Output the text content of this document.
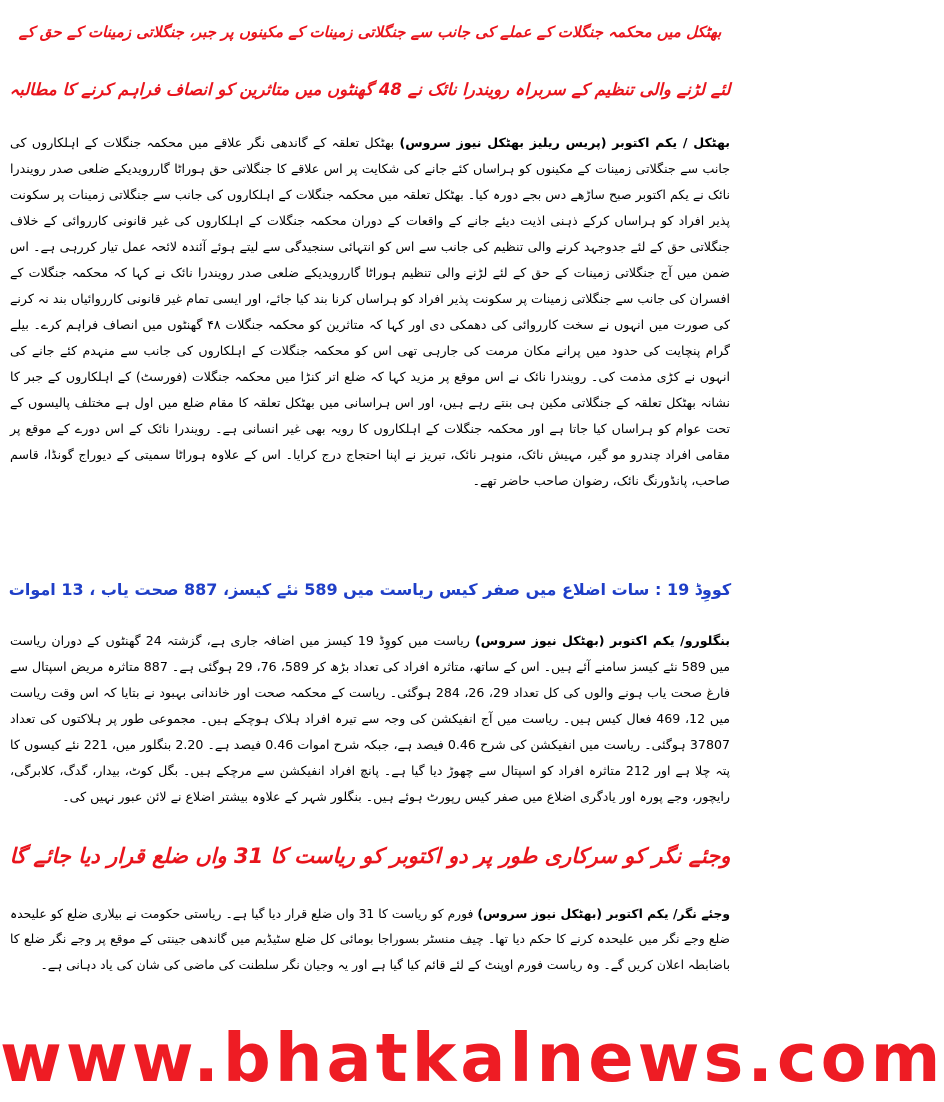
بھٹکل میں محکمہ جنگلات کے عملے کی جانب سے جنگلاتی زمینات کے مکینوں پر جبر، جنگلاتی زمینات کے حق کے
لئے لڑنے والی تنظیم کے سربراہ رویندرا نائک نے 48 گھنٹوں میں متاثرین کو انصاف فراہم کرنے کا مطالبہ
بھٹکل / یکم اکتوبر (پریس ریلیز بھٹکل نیوز سروس) بھٹکل تعلقہ کے گاندھی نگر علاقے میں محکمہ جنگلات کے اہلکاروں کی جانب سے جنگلاتی زمینات کے مکینوں کو ہراساں کئے جانے کی شکایت پر اس علاقے کا جنگلاتی حق ہوراٹا گاررویدیکے ضلعی صدر رویندرا نائک نے یکم اکتوبر صبح ساڑھے دس بجے دورہ کیا۔ بھٹکل تعلقہ میں محکمہ جنگلات کے اہلکاروں کی جانب سے جنگلاتی زمینات پر سکونت پذیر افراد کو ہراساں کرکے ذہنی اذیت دیئے جانے کے واقعات کے دوران محکمہ جنگلات کے اہلکاروں کی غیر قانونی کارروائی کے خلاف جنگلاتی حق کے لئے جدوجہد کرنے والی تنظیم کی جانب سے اس کو انتہائی سنجیدگی سے لیتے ہوئے آئندہ لائحہ عمل تیار کررہی ہے۔ اس ضمن میں آج جنگلاتی زمینات کے حق کے لئے لڑنے والی تنظیم ہوراٹا گاررویدیکے ضلعی صدر رویندرا نائک نے کہا کہ محکمہ جنگلات کے افسران کی جانب سے جنگلاتی زمینات پر سکونت پذیر افراد کو ہراساں کرنا بند کیا جائے، اور ایسی تمام غیر قانونی کارروائیاں بند نہ کرنے کی صورت میں انہوں نے سخت کارروائی کی دھمکی دی اور کہا کہ متاثرین کو محکمہ جنگلات ۴۸ گھنٹوں میں انصاف فراہم کرے۔ بیلے گرام پنچایت کی حدود میں پرانے مکان مرمت کی جارہی تھی اس کو محکمہ جنگلات کے اہلکاروں کی جانب سے منہدم کئے جانے کی انہوں نے کڑی مذمت کی۔ رویندرا نائک نے اس موقع پر مزید کہا کہ ضلع اتر کنڑا میں محکمہ جنگلات (فورسٹ) کے اہلکاروں کے جبر کا نشانہ بھٹکل تعلقہ کے جنگلاتی مکین ہی بنتے رہے ہیں، اور اس ہراسانی میں بھٹکل تعلقہ کا مقام ضلع میں اول ہے مختلف پالیسوں کے تحت عوام کو ہراساں کیا جاتا ہے اور محکمہ جنگلات کے اہلکاروں کا رویہ بھی غیر انسانی ہے۔ رویندرا نائک کے اس دورے کے موقع پر مقامی افراد چندرو مو گیر، مہیش نائک، منوہر نائک، تبریز نے اپنا احتجاج درج کرایا۔ اس کے علاوہ ہوراٹا سمیتی کے دیوراج گونڈا، قاسم صاحب، پانڈورنگ نائک، رضوان صاحب حاضر تھے۔
کووِڈ 19 : سات اضلاع میں صفر کیس ریاست میں 589 نئے کیسز، 887 صحت یاب ، 13 اموات
بنگلورو/ یکم اکتوبر (بھٹکل نیوز سروس) ریاست میں کووِڈ 19 کیسز میں اضافہ جاری ہے، گزشتہ 24 گھنٹوں کے دوران ریاست میں 589 نئے کیسز سامنے آئے ہیں۔ اس کے ساتھ، متاثرہ افراد کی تعداد بڑھ کر 589، 76، 29 ہوگئی ہے۔ 887 متاثرہ مریض اسپتال سے فارغ صحت یاب ہونے والوں کی کل تعداد 29، 26، 284 ہوگئی۔ ریاست کے محکمہ صحت اور خاندانی بہبود نے بتایا کہ اس وقت ریاست میں 12، 469 فعال کیس ہیں۔ ریاست میں آج انفیکشن کی وجہ سے تیرہ افراد ہلاک ہوچکے ہیں۔ مجموعی طور پر ہلاکتوں کی تعداد 37807 ہوگئی۔ ریاست میں انفیکشن کی شرح 0.46 فیصد ہے، جبکہ شرح اموات 0.46 فیصد ہے۔ 2.20 بنگلور میں، 221 نئے کیسوں کا پتہ چلا ہے اور 212 متاثرہ افراد کو اسپتال سے چھوڑ دیا گیا ہے۔ پانچ افراد انفیکشن سے مرچکے ہیں۔ بگل کوٹ، بیدار، گدگ، کلابرگی، رایچور، وجے پورہ اور یادگری اضلاع میں صفر کیس رپورٹ ہوئے ہیں۔ بنگلور شہر کے علاوہ بیشتر اضلاع نے لائن عبور نہیں کی۔
وجئے نگر کو سرکاری طور پر دو اکتوبر کو ریاست کا 31 واں ضلع قرار دیا جائے گا
وجئے نگر/ یکم اکتوبر (بھٹکل نیوز سروس) فورم کو ریاست کا 31 واں ضلع قرار دیا گیا ہے۔ ریاستی حکومت نے بیلاری ضلع کو علیحدہ ضلع وجے نگر میں علیحدہ کرنے کا حکم دیا تھا۔ چیف منسٹر بسوراجا بومائی کل ضلع سٹیڈیم میں گاندھی جینتی کے موقع پر وجے نگر ضلع کا باضابطہ اعلان کریں گے۔ وہ ریاست فورم اوپنٹ کے لئے قائم کیا گیا ہے اور یہ وجیان نگر سلطنت کی ماضی کی شان کی یاد دہانی ہے۔
www.bhatkalnews.com
